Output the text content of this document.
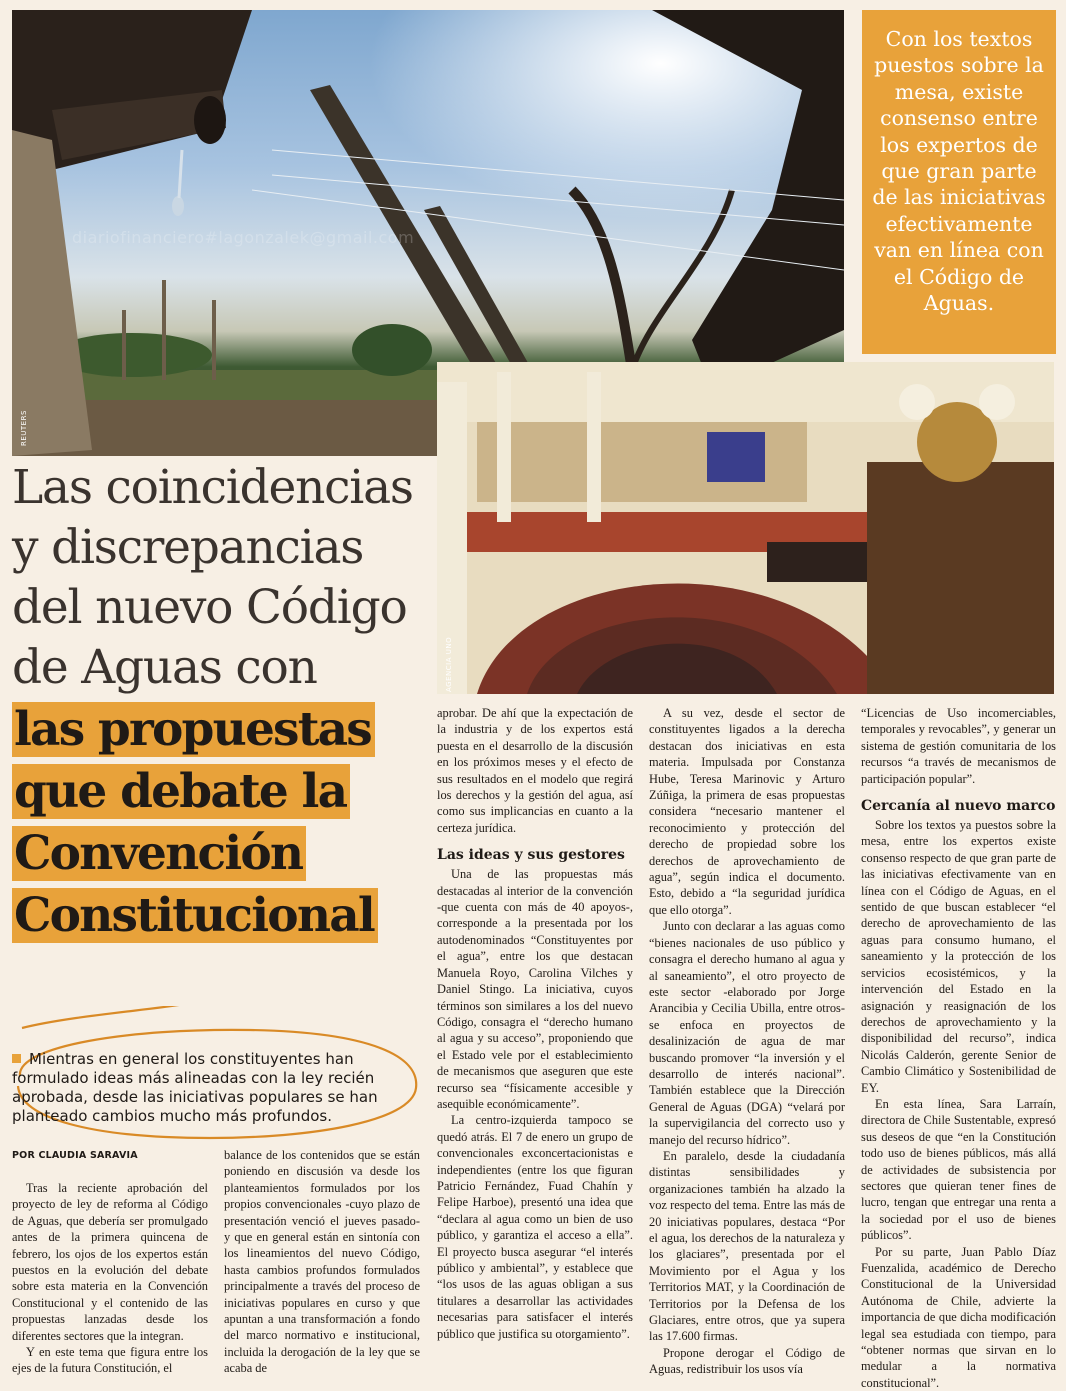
REUTERS
diariofinanciero#lagonzalek@gmail.com
Con los textos puestos sobre la mesa, existe consenso entre los expertos de que gran parte de las iniciativas efectivamente van en línea con el Código de Aguas.
AGENCIA UNO
Las coincidencias
y discrepancias
del nuevo Código
de Aguas con
las propuestas
que debate la
Convención
Constitucional
Mientras en general los constituyentes han formulado ideas más alineadas con la ley recién aprobada, desde las iniciativas populares se han planteado cambios mucho más profundos.
POR CLAUDIA SARAVIA

Tras la reciente aprobación del proyecto de ley de reforma al Código de Aguas, que debería ser promulgado antes de la primera quincena de febrero, los ojos de los expertos están puestos en la evolución del debate sobre esta materia en la Convención Constitucional y el contenido de las propuestas lanzadas desde los diferentes sectores que la integran.

Y en este tema que figura entre los ejes de la futura Constitución, el

balance de los contenidos que se están poniendo en discusión va desde los planteamientos formulados por los propios convencionales -cuyo plazo de presentación venció el jueves pasado- y que en general están en sintonía con los lineamientos del nuevo Código, hasta cambios profundos formulados principalmente a través del proceso de iniciativas populares en curso y que apuntan a una transformación a fondo del marco normativo e institucional, incluida la derogación de la ley que se acaba de

aprobar. De ahí que la expectación de la industria y de los expertos está puesta en el desarrollo de la discusión en los próximos meses y el efecto de sus resultados en el modelo que regirá los derechos y la gestión del agua, así como sus implicancias en cuanto a la certeza jurídica.

Las ideas y sus gestores

Una de las propuestas más destacadas al interior de la convención -que cuenta con más de 40 apoyos-, corresponde a la presentada por los autodenominados “Constituyentes por el agua”, entre los que destacan Manuela Royo, Carolina Vilches y Daniel Stingo. La iniciativa, cuyos términos son similares a los del nuevo Código, consagra el “derecho humano al agua y su acceso”, proponiendo que el Estado vele por el establecimiento de mecanismos que aseguren que este recurso sea “físicamente accesible y asequible económicamente”.

La centro-izquierda tampoco se quedó atrás. El 7 de enero un grupo de convencionales exconcertacionistas e independientes (entre los que figuran Patricio Fernández, Fuad Chahín y Felipe Harboe), presentó una idea que “declara al agua como un bien de uso público, y garantiza el acceso a ella”. El proyecto busca asegurar “el interés público y ambiental”, y establece que “los usos de las aguas obligan a sus titulares a desarrollar las actividades necesarias para satisfacer el interés público que justifica su otorgamiento”.

A su vez, desde el sector de constituyentes ligados a la derecha destacan dos iniciativas en esta materia. Impulsada por Constanza Hube, Teresa Marinovic y Arturo Zúñiga, la primera de esas propuestas considera “necesario mantener el reconocimiento y protección del derecho de propiedad sobre los derechos de aprovechamiento de agua”, según indica el documento. Esto, debido a “la seguridad jurídica que ello otorga”.

Junto con declarar a las aguas como “bienes nacionales de uso público y consagra el derecho humano al agua y al saneamiento”, el otro proyecto de este sector -elaborado por Jorge Arancibia y Cecilia Ubilla, entre otros- se enfoca en proyectos de desalinización de agua de mar buscando promover “la inversión y el desarrollo de interés nacional”. También establece que la Dirección General de Aguas (DGA) “velará por la supervigilancia del correcto uso y manejo del recurso hídrico”.

En paralelo, desde la ciudadanía distintas sensibilidades y organizaciones también ha alzado la voz respecto del tema. Entre las más de 20 iniciativas populares, destaca “Por el agua, los derechos de la naturaleza y los glaciares”, presentada por el Movimiento por el Agua y los Territorios MAT, y la Coordinación de Territorios por la Defensa de los Glaciares, entre otros, que ya supera las 17.600 firmas.

Propone derogar el Código de Aguas, redistribuir los usos vía

“Licencias de Uso incomerciables, temporales y revocables”, y generar un sistema de gestión comunitaria de los recursos “a través de mecanismos de participación popular”.

Cercanía al nuevo marco

Sobre los textos ya puestos sobre la mesa, entre los expertos existe consenso respecto de que gran parte de las iniciativas efectivamente van en línea con el Código de Aguas, en el sentido de que buscan establecer “el derecho de aprovechamiento de las aguas para consumo humano, el saneamiento y la protección de los servicios ecosistémicos, y la intervención del Estado en la asignación y reasignación de los derechos de aprovechamiento y la disponibilidad del recurso”, indica Nicolás Calderón, gerente Senior de Cambio Climático y Sostenibilidad de EY.

En esta línea, Sara Larraín, directora de Chile Sustentable, expresó sus deseos de que “en la Constitución todo uso de bienes públicos, más allá de actividades de subsistencia por sectores que quieran tener fines de lucro, tengan que entregar una renta a la sociedad por el uso de bienes públicos”.

Por su parte, Juan Pablo Díaz Fuenzalida, académico de Derecho Constitucional de la Universidad Autónoma de Chile, advierte la importancia de que dicha modificación legal sea estudiada con tiempo, para “obtener normas que sirvan en lo medular a la normativa constitucional”.
